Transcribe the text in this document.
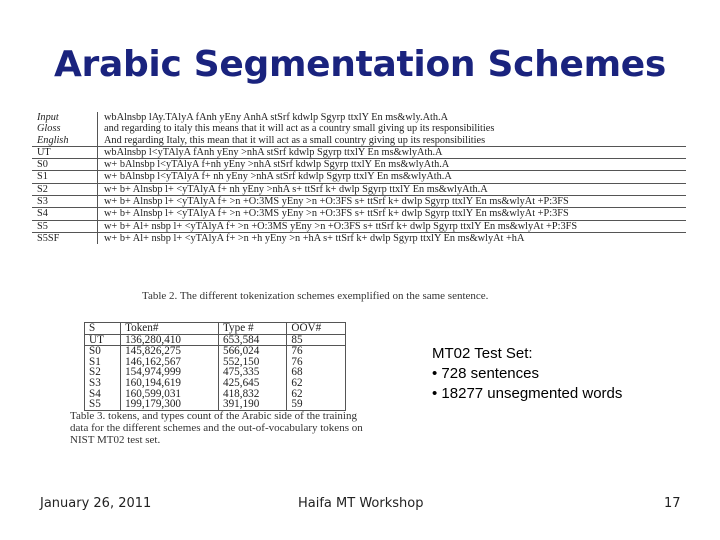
Arabic Segmentation Schemes
Input	wbAlnsbp lAy.TAlyA fAnh yEny AnhA stSrf kdwlp Sgyrp ttxlY En ms&wly.Ath.A
Gloss	and regarding to italy this means that it will act as a country small giving up its responsibilities
English	And regarding Italy, this mean that it will act as a small country giving up its responsibilities
UT	wbAlnsbp l<yTAlyA fAnh yEny >nhA stSrf kdwlp Sgyrp ttxlY En ms&wlyAth.A
S0	w+ bAlnsbp l<yTAlyA f+nh yEny >nhA stSrf kdwlp Sgyrp ttxlY En ms&wlyAth.A
S1	w+ bAlnsbp l<yTAlyA f+ nh yEny >nhA stSrf kdwlp Sgyrp ttxlY En ms&wlyAth.A
S2	w+ b+ Alnsbp l+ <yTAlyA f+ nh yEny >nhA s+ ttSrf k+ dwlp Sgyrp ttxlY En ms&wlyAth.A
S3	w+ b+ Alnsbp l+ <yTAlyA f+ >n +O:3MS yEny >n +O:3FS s+ ttSrf k+ dwlp Sgyrp ttxlY En ms&wlyAt +P:3FS
S4	w+ b+ Alnsbp l+ <yTAlyA f+ >n +O:3MS yEny >n +O:3FS s+ ttSrf k+ dwlp Sgyrp ttxlY En ms&wlyAt +P:3FS
S5	w+ b+ Al+ nsbp l+ <yTAlyA f+ >n +O:3MS yEny >n +O:3FS s+ ttSrf k+ dwlp Sgyrp ttxlY En ms&wlyAt +P:3FS
S5SF	w+ b+ Al+ nsbp l+ <yTAlyA f+ >n +h yEny >n +hA s+ ttSrf k+ dwlp Sgyrp ttxlY En ms&wlyAt +hA
Table 2. The different tokenization schemes exemplified on the same sentence.
S	Token#	Type #	OOV#
UT	136,280,410	653,584	85
S0	145,826,275	566,024	76
S1	146,162,567	552,150	76
S2	154,974,999	475,335	68
S3	160,194,619	425,645	62
S4	160,599,031	418,832	62
S5	199,179,300	391,190	59
Table 3. tokens, and types count of the Arabic side of the training data for the different schemes and the out-of-vocabulary tokens on NIST MT02 test set.
MT02 Test Set:
• 728 sentences
• 18277 unsegmented words
January 26, 2011	Haifa MT Workshop	17
